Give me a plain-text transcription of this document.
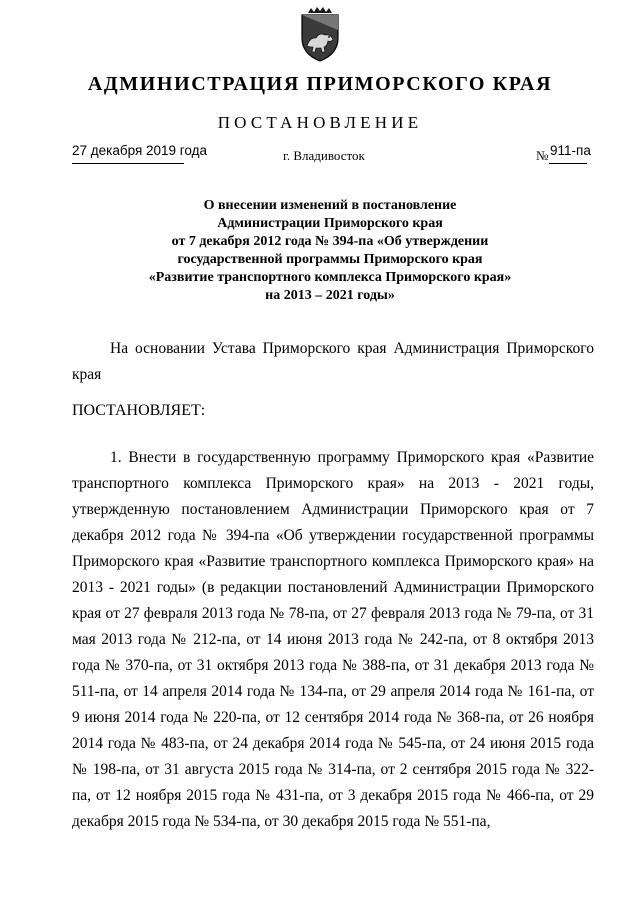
АДМИНИСТРАЦИЯ ПРИМОРСКОГО КРАЯ
ПОСТАНОВЛЕНИЕ
27 декабря 2019 года	г. Владивосток	№ 911-па
О внесении изменений в постановление
Администрации Приморского края
от 7 декабря 2012 года № 394-па «Об утверждении
государственной программы Приморского края
«Развитие транспортного комплекса Приморского края»
на 2013 – 2021 годы»
На основании Устава Приморского края Администрация Приморского края
ПОСТАНОВЛЯЕТ:
1. Внести в государственную программу Приморского края «Развитие транспортного комплекса Приморского края» на 2013 - 2021 годы, утвержденную постановлением Администрации Приморского края от 7 декабря 2012 года № 394-па «Об утверждении государственной программы Приморского края «Развитие транспортного комплекса Приморского края» на 2013 - 2021 годы» (в редакции постановлений Администрации Приморского края от 27 февраля 2013 года № 78-па, от 27 февраля 2013 года № 79-па, от 31 мая 2013 года № 212-па, от 14 июня 2013 года № 242-па, от 8 октября 2013 года № 370-па, от 31 октября 2013 года № 388-па, от 31 декабря 2013 года № 511-па, от 14 апреля 2014 года № 134-па, от 29 апреля 2014 года № 161-па, от 9 июня 2014 года № 220-па, от 12 сентября 2014 года № 368-па, от 26 ноября 2014 года № 483-па, от 24 декабря 2014 года № 545-па, от 24 июня 2015 года № 198-па, от 31 августа 2015 года № 314-па, от 2 сентября 2015 года № 322-па, от 12 ноября 2015 года № 431-па, от 3 декабря 2015 года № 466-па, от 29 декабря 2015 года № 534-па, от 30 декабря 2015 года № 551-па,
